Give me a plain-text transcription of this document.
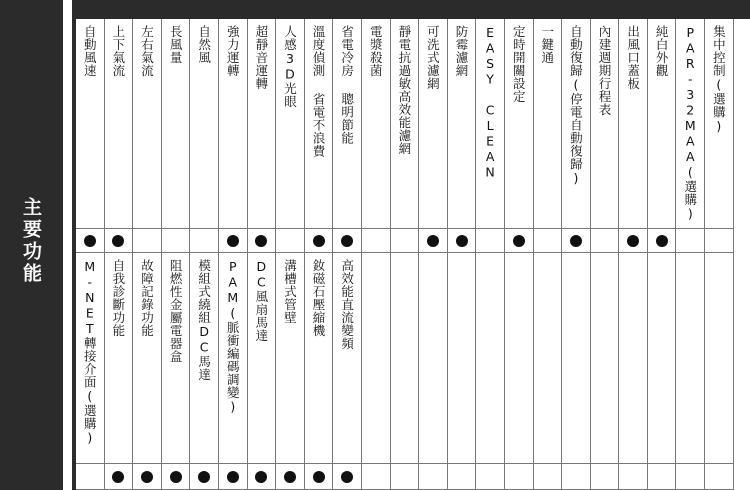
主要功能
自動風速 上下氣流 左右氣流 長風量 自然風 強力運轉 超靜音運轉 人感3D光眼 溫度偵測 省電不浪費 省電冷房 聰明節能 電漿殺菌 靜電抗過敏高效能濾網 可洗式濾網 防霉濾網 EASY CLEAN 定時開關設定 一鍵通 自動復歸(停電自動復歸) 內建週期行程表 出風口蓋板 純白外觀 PAR-32MAA(選購) 集中控制(選購)
M-NET轉接介面(選購) 自我診斷功能 故障記錄功能 阻燃性金屬電器盒 模組式繞組DC馬達 PAM(脈衝編碼調變) DC風扇馬達 溝槽式管壁 釹磁石壓縮機 高效能直流變頻
